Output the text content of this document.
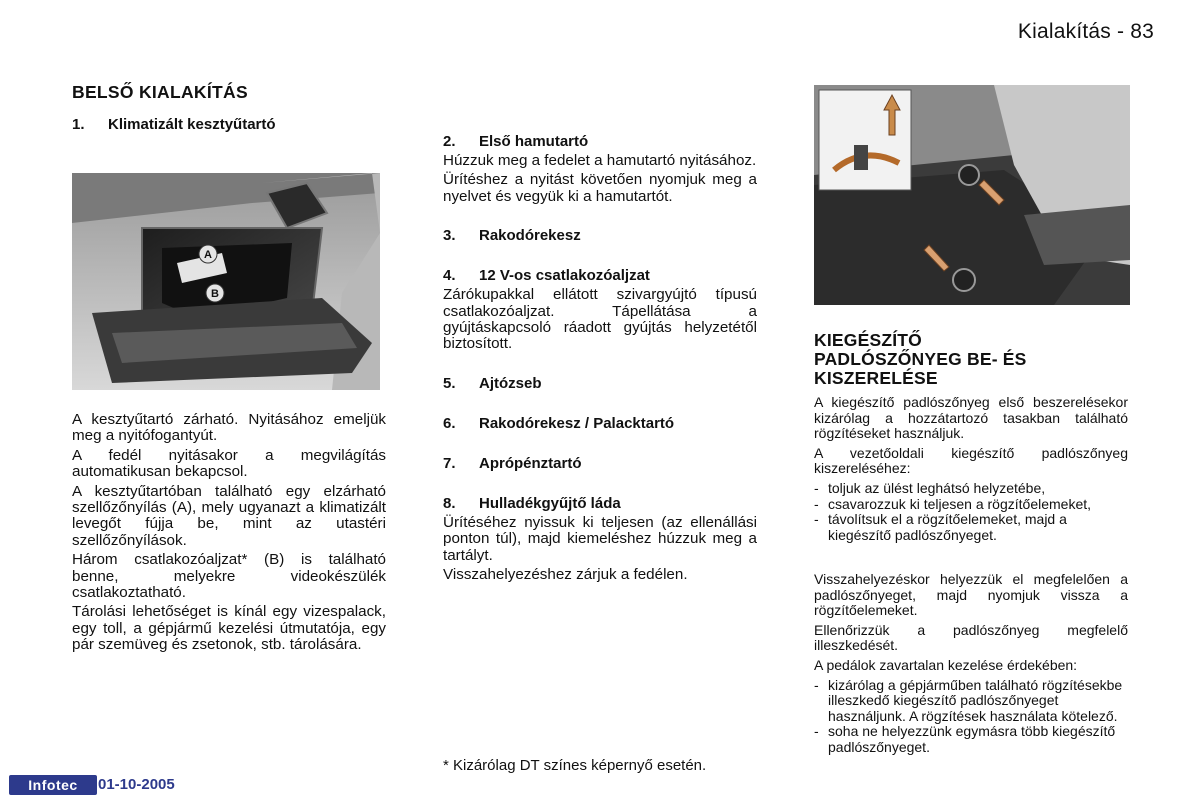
Kialakítás - 83
BELSŐ KIALAKÍTÁS
1.	Klimatizált kesztyűtartó
A
B

A kesztyűtartó zárható. Nyitásához emeljük meg a nyitófogantyút.

A fedél nyitásakor a megvilágítás automatikusan bekapcsol.

A kesztyűtartóban található egy elzárható szellőzőnyílás (A), mely ugyanazt a klimatizált levegőt fújja be, mint az utastéri szellőzőnyílások.

Három csatlakozóaljzat* (B) is található benne, melyekre videokészülék csatlakoztatható.

Tárolási lehetőséget is kínál egy vizespalack, egy toll, a gépjármű kezelési útmutatója, egy pár szemüveg és zsetonok, stb. tárolására.

2.	Első hamutartó

Húzzuk meg a fedelet a hamutartó nyitásához.

Ürítéshez a nyitást követően nyomjuk meg a nyelvet és vegyük ki a hamutartót.

3.	Rakodórekesz
4.	12 V-os csatlakozóaljzat

Zárókupakkal ellátott szivargyújtó típusú csatlakozóaljzat. Tápellátása a gyújtáskapcsoló ráadott gyújtás helyzetétől biztosított.

5.	Ajtózseb
6.	Rakodórekesz / Palacktartó
7.	Aprópénztartó
8.	Hulladékgyűjtő láda

Ürítéséhez nyissuk ki teljesen (az ellenállási ponton túl), majd kiemeléshez húzzuk meg a tartályt.

Visszahelyezéshez zárjuk a fedélen.

* Kizárólag DT színes képernyő esetén.
KIEGÉSZÍTŐ
PADLÓSZŐNYEG BE- ÉS
KISZERELÉSE

A kiegészítő padlószőnyeg első beszerelésekor kizárólag a hozzátartozó tasakban található rögzítéseket használjuk.

A vezetőoldali kiegészítő padlószőnyeg kiszereléséhez:

- toljuk az ülést leghátsó helyzetébe,
- csavarozzuk ki teljesen a rögzítőelemeket,
- távolítsuk el a rögzítőelemeket, majd a kiegészítő padlószőnyeget.

Visszahelyezéskor helyezzük el megfelelően a padlószőnyeget, majd nyomjuk vissza a rögzítőelemeket.

Ellenőrizzük a padlószőnyeg megfelelő illeszkedését.

A pedálok zavartalan kezelése érdekében:

- kizárólag a gépjárműben található rögzítésekbe illeszkedő kiegészítő padlószőnyeget használjunk. A rögzítések használata kötelező.
- soha ne helyezzünk egymásra több kiegészítő padlószőnyeget.
Infotec	01-10-2005
